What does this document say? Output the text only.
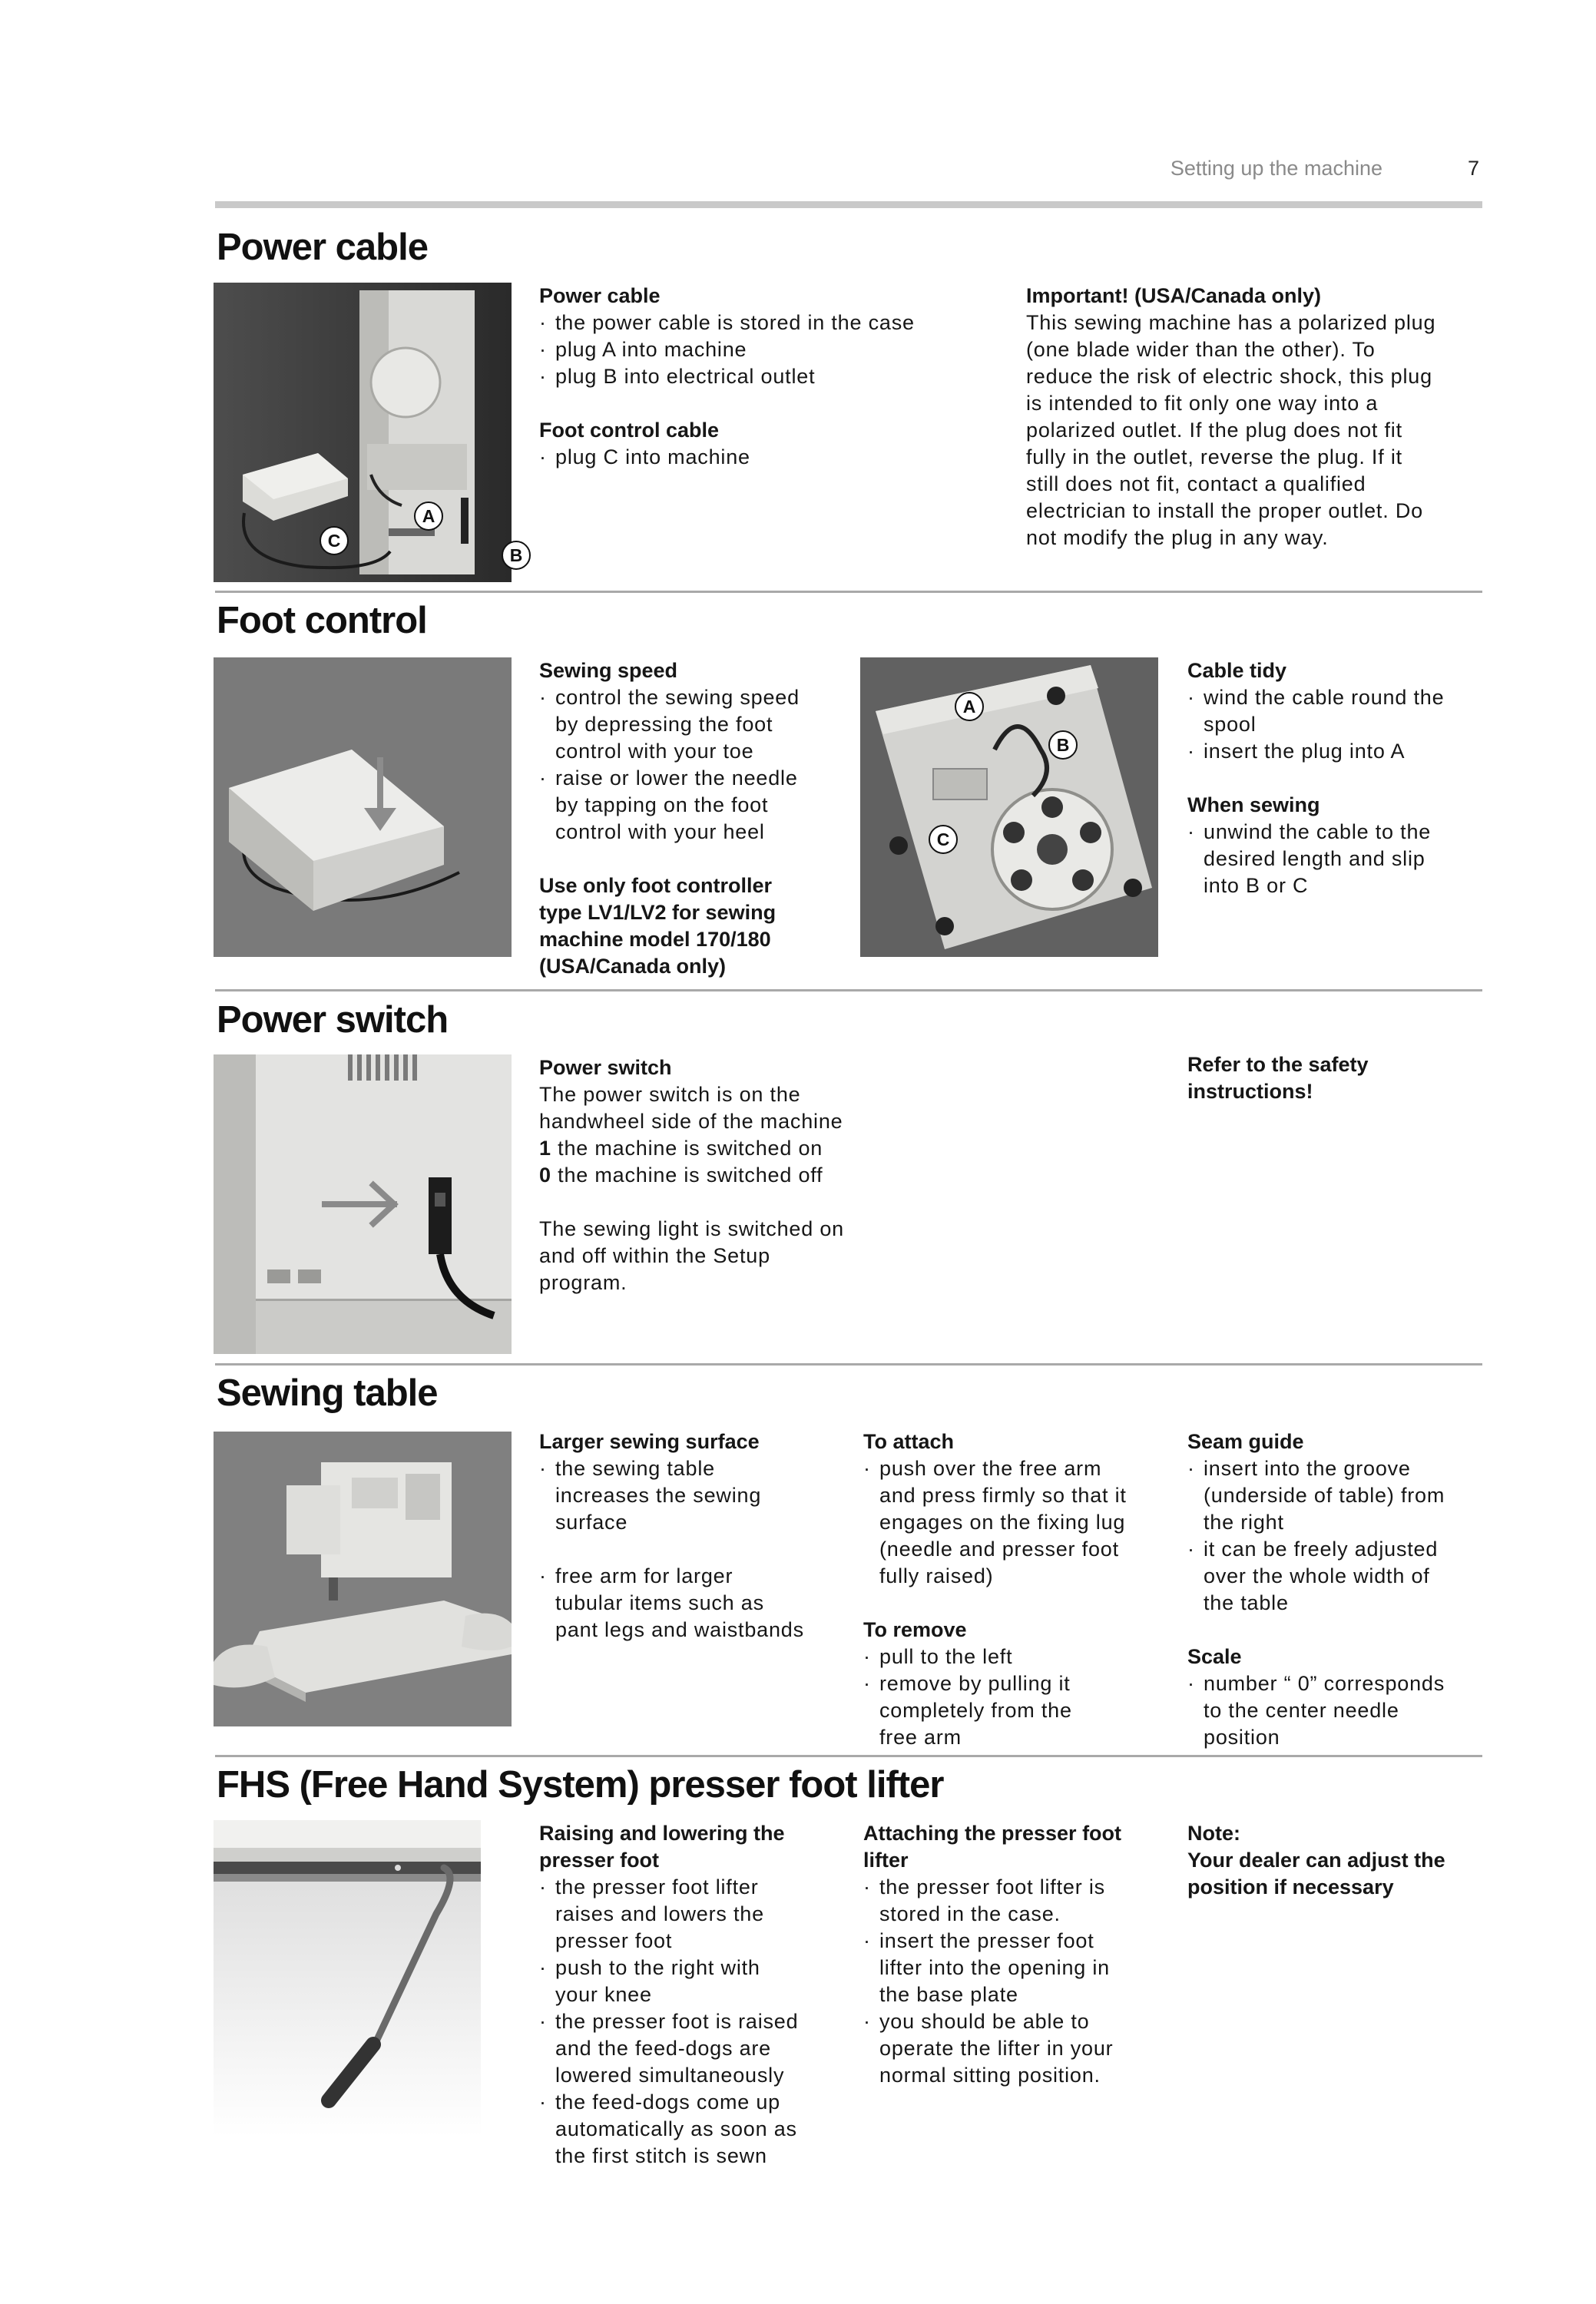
Setting up the machine	7
Power cable
C
A
B
Power cable
· the power cable is stored in the case
· plug A into machine
· plug B into electrical outlet
Foot control cable
· plug C into machine
Important! (USA/Canada only)
This sewing machine has a polarized plug
(one blade wider than the other). To
reduce the risk of electric shock, this plug
is intended to fit only one way into a
polarized outlet. If the plug does not fit
fully in the outlet, reverse the plug. If it
still does not fit, contact a qualified
electrician to install the proper outlet. Do
not modify the plug in any way.
Foot control
Sewing speed
· control the sewing speed
by depressing the foot
control with your toe
· raise or lower the needle
by tapping on the foot
control with your heel
Use only foot controller
type LV1/LV2 for sewing
machine model 170/180
(USA/Canada only)
A
B
C
Cable tidy
· wind the cable round the
spool
· insert the plug into A
When sewing
· unwind the cable to the
desired length and slip
into B or C
Power switch
Power switch
The power switch is on the
handwheel side of the machine
1 the machine is switched on
0 the machine is switched off
The sewing light is switched on
and off within the Setup
program.
Refer to the safety
instructions!
Sewing table
Larger sewing surface
· the sewing table
increases the sewing
surface
· free arm for larger
tubular items such as
pant legs and waistbands
To attach
· push over the free arm
and press firmly so that it
engages on the fixing lug
(needle and presser foot
fully raised)
To remove
· pull to the left
· remove by pulling it
completely from the
free arm
Seam guide
· insert into the groove
(underside of table) from
the right
· it can be freely adjusted
over the whole width of
the table
Scale
· number “ 0” corresponds
to the center needle
position
FHS (Free Hand System) presser foot lifter
Raising and lowering the
presser foot
· the presser foot lifter
raises and lowers the
presser foot
· push to the right with
your knee
· the presser foot is raised
and the feed-dogs are
lowered simultaneously
· the feed-dogs come up
automatically as soon as
the first stitch is sewn
Attaching the presser foot
lifter
· the presser foot lifter is
stored in the case.
· insert the presser foot
lifter into the opening in
the base plate
· you should be able to
operate the lifter in your
normal sitting position.
Note:
Your dealer can adjust the
position if necessary
